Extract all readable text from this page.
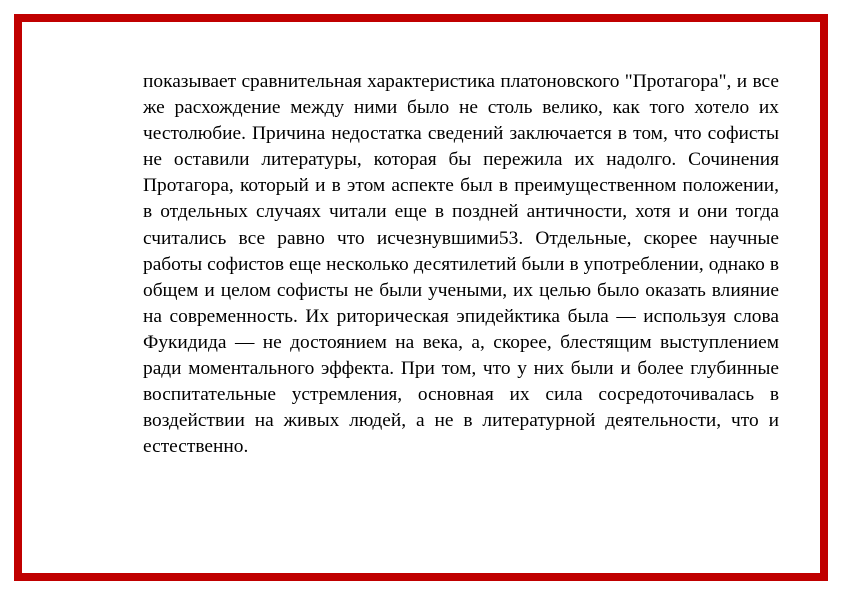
показывает сравнительная характеристика платоновского "Протагора", и все же расхождение между ними было не столь велико, как того хотело их честолюбие. Причина недостатка сведений заключается в том, что софисты не оставили литературы, которая бы пережила их надолго. Сочинения Протагора, который и в этом аспекте был в преимущественном положении, в отдельных случаях читали еще в поздней античности, хотя и они тогда считались все равно что исчезнувшими53. Отдельные, скорее научные работы софистов еще несколько десятилетий были в употреблении, однако в общем и целом софисты не были учеными, их целью было оказать влияние на современность. Их риторическая эпидейктика была — используя слова Фукидида — не достоянием на века, а, скорее, блестящим выступлением ради моментального эффекта. При том, что у них были и более глубинные воспитательные устремления, основная их сила сосредоточивалась в воздействии на живых людей, а не в литературной деятельности, что и естественно.
